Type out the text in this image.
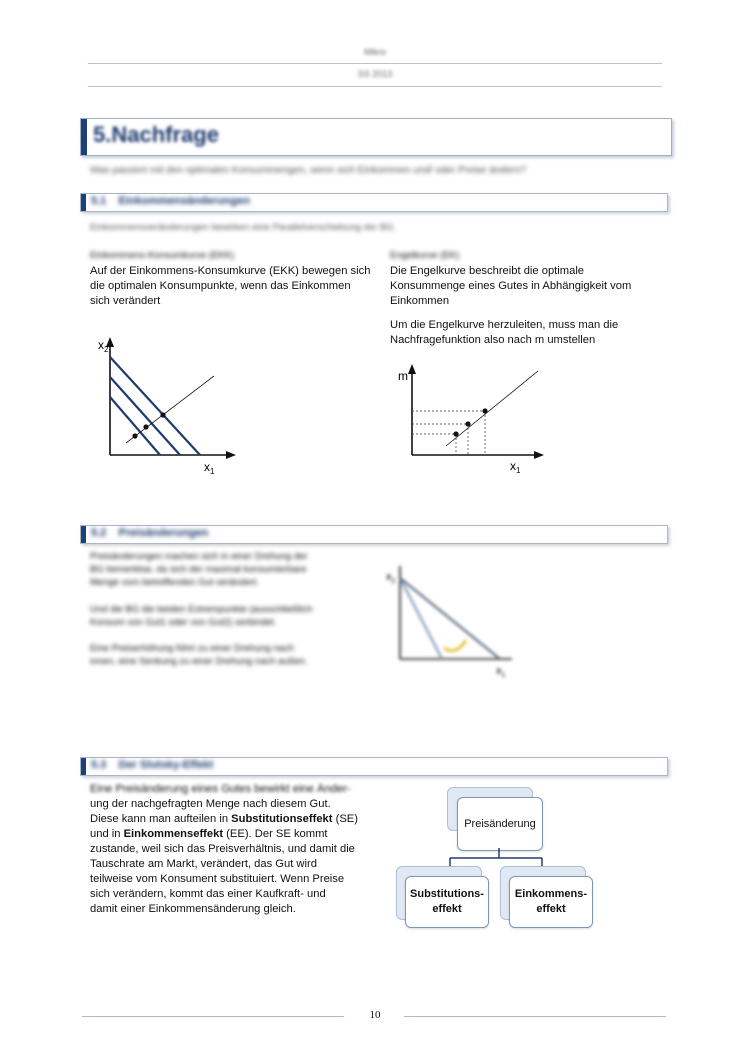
Mikro
SS 2013
5.Nachfrage
Was passiert mit den optimalen Konsummengen, wenn sich Einkommen und/ oder Preise ändern?
5.1 Einkommensänderungen
Einkommensveränderungen bewirken eine Parallelverschiebung der BG.
Einkommens-Konsumkurve (EKK)
Auf der Einkommens-Konsumkurve (EKK) bewegen sich
die optimalen Konsumpunkte, wenn das Einkommen
sich verändert
Engelkurve (EK)
Die Engelkurve beschreibt die optimale
Konsummenge eines Gutes in Abhängigkeit vom
Einkommen
Um die Engelkurve herzuleiten, muss man die
Nachfragefunktion also nach m umstellen
$x_2$
$x_1$
m
$x_1$
5.2 Preisänderungen
Preisänderungen machen sich in einer Drehung der
BG bemerkbar, da sich der maximal konsumierbare
Menge vom betreffenden Gut verändert.
Und die BG die beiden Extrempunkte (ausschließlich
Konsum von Gut1 oder von Gut2) verbindet.
Eine Preiserhöhung führt zu einer Drehung nach
innen, eine Senkung zu einer Drehung nach außen.
$x_2$
$x_1$
5.3 Der Slutsky-Effekt
Eine Preisänderung eines Gutes bewirkt eine Änder-
ung der nachgefragten Menge nach diesem Gut.
Diese kann man aufteilen in Substitutionseffekt (SE)
und in Einkommenseffekt (EE). Der SE kommt
zustande, weil sich das Preisverhältnis, und damit die
Tauschrate am Markt, verändert, das Gut wird
teilweise vom Konsument substituiert. Wenn Preise
sich verändern, kommt das einer Kaufkraft- und
damit einer Einkommensänderung gleich.
Preisänderung
Substitutions-
effekt
Einkommens-
effekt
10
